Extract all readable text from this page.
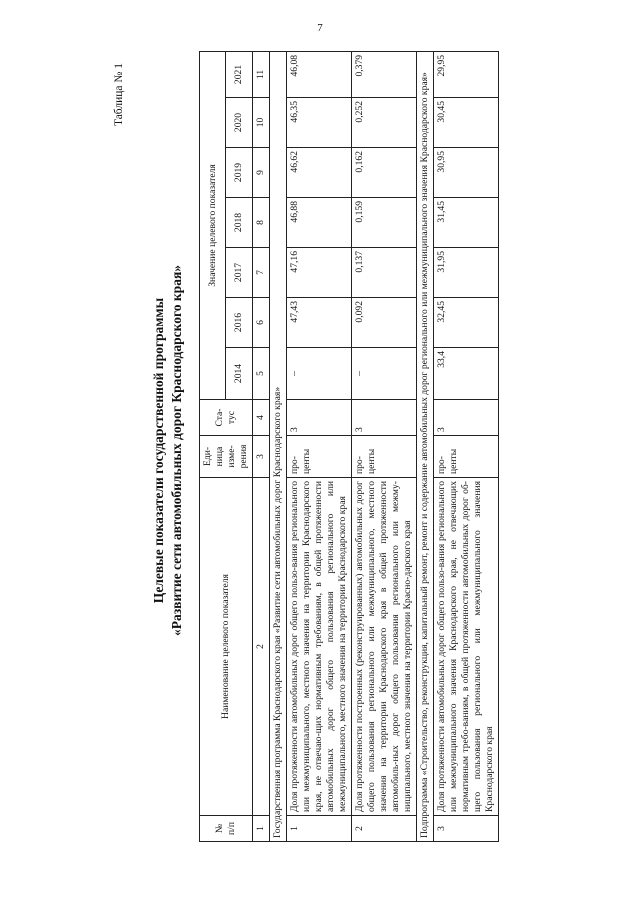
7
Таблица № 1
Целевые показатели государственной программы «Развитие сети автомобильных дорог Краснодарского края»
№ п/п	Наименование целевого показателя	Еди-ница изме-рения	Ста-тус	Значение целевого показателя						
				2014	2016	2017	2018	2019	2020	2021
1	2	3	4	5	6	7	8	9	10	11
Государственная программа Краснодарского края «Развитие сети автомобильных дорог Краснодарского края»										
1	Доля протяженности автомобильных дорог общего пользо-вания регионального или межмуниципального, местного значения на территории Краснодарского края, не отвечаю-щих нормативным требованиям, в общей протяженности автомобильных дорог общего пользования регионального или межмуниципального, местного значения на территории Краснодарского края	про-центы	3	–	47,43	47,16	46,88	46,62	46,35	46,08
2	Доля протяженности построенных (реконструированных) автомобильных дорог общего пользования регионального или межмуниципального, местного значения на территории Краснодарского края в общей протяженности автомобиль-ных дорог общего пользования регионального или межму-ниципального, местного значения на территории Красно-дарского края	про-центы	3	–	0,092	0,137	0,159	0,162	0,252	0,379
Подпрограмма «Строительство, реконструкция, капитальный ремонт, ремонт и содержание автомобильных дорог регионального или межмуниципального значения Краснодарского края»										
3	Доля протяженности автомобильных дорог общего пользо-вания регионального или межмуниципального значения Краснодарского края, не отвечающих нормативным требо-ваниям, в общей протяженности автомобильных дорог об-щего пользования регионального или межмуниципального значения Краснодарского края	про-центы	3	33,4	32,45	31,95	31,45	30,95	30,45	29,95
